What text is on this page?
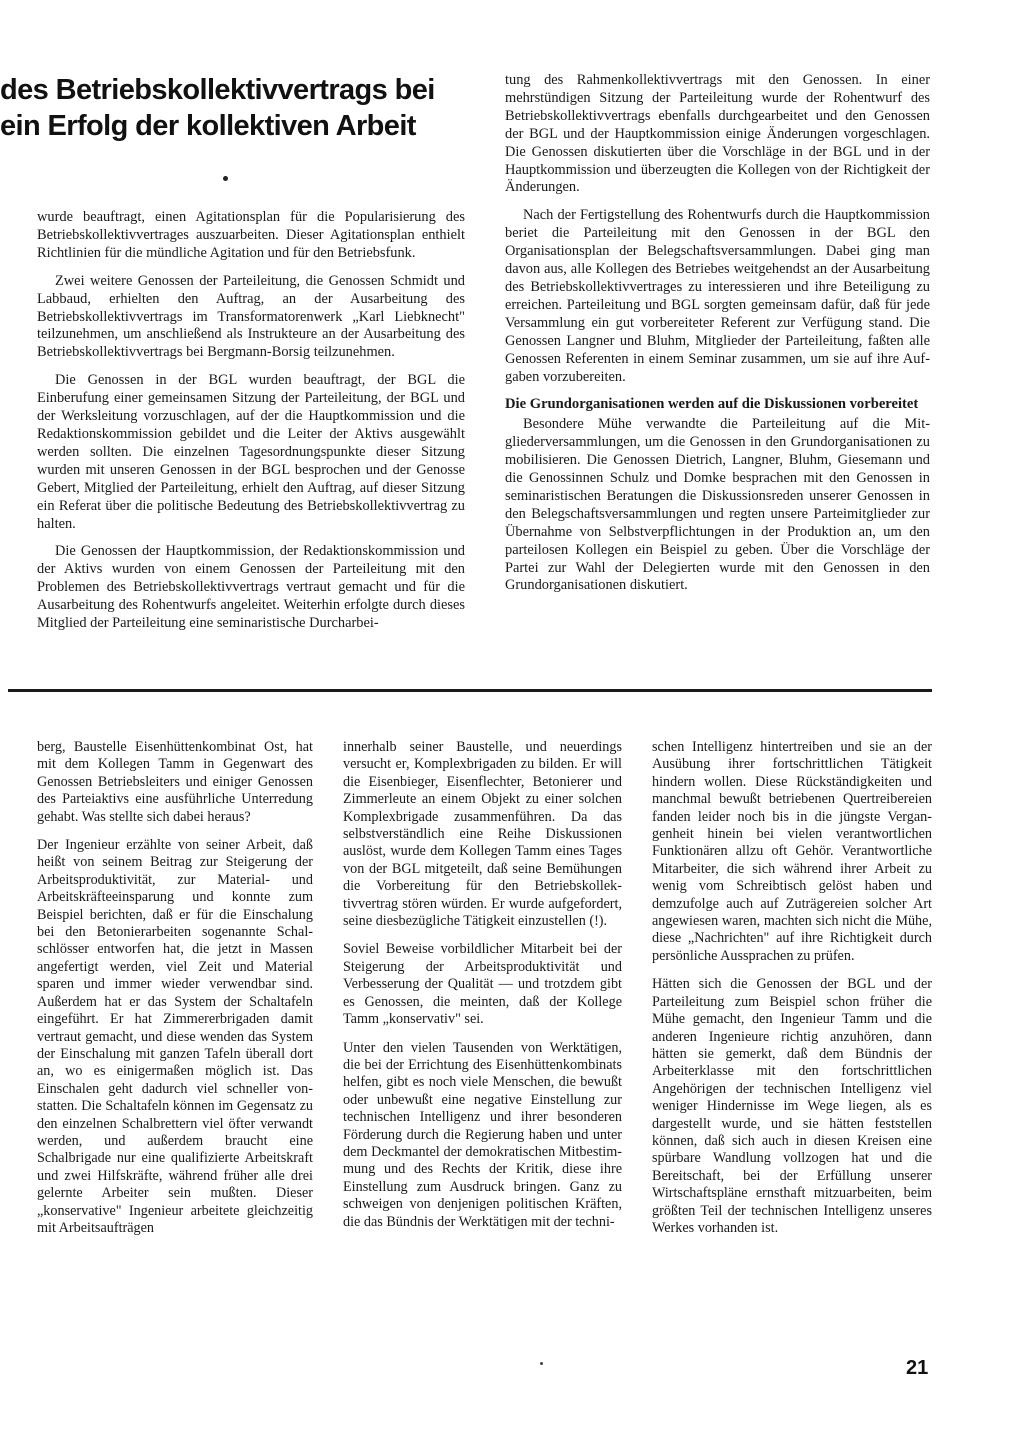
des Betriebskollektivvertrags bei
ein Erfolg der kollektiven Arbeit

wurde beauftragt, einen Agitationsplan für die Popularisierung des Betriebskollektivvertrages auszuarbeiten. Dieser Agitationsplan enthielt Richtlinien für die mündliche Agitation und für den Betriebsfunk.

Zwei weitere Genossen der Parteileitung, die Genossen Schmidt und Labbaud, erhielten den Auftrag, an der Ausarbeitung des Betriebskollektivvertrags im Transformatorenwerk „Karl Liebknecht" teilzunehmen, um anschließend als Instrukteure an der Ausarbeitung des Betriebskollektivvertrags bei Bergmann-Borsig teilzunehmen.

Die Genossen in der BGL wurden beauftragt, der BGL die Einberufung einer gemeinsamen Sitzung der Parteileitung, der BGL und der Werksleitung vorzuschlagen, auf der die Hauptkommission und die Redaktionskommission gebildet und die Leiter der Aktivs ausgewählt werden sollten. Die einzelnen Tagesordnungspunkte dieser Sitzung wurden mit unseren Genossen in der BGL besprochen und der Genosse Gebert, Mitglied der Parteileitung, erhielt den Auftrag, auf dieser Sitzung ein Referat über die politische Bedeutung des Betriebskollektivvertrag zu halten.

Die Genossen der Hauptkommission, der Redaktionskommission und der Aktivs wurden von einem Genossen der Parteileitung mit den Problemen des Betriebskollektivvertrags vertraut gemacht und für die Ausarbeitung des Rohentwurfs angeleitet. Weiterhin erfolgte durch dieses Mitglied der Parteileitung eine seminaristische Durcharbei-

tung des Rahmenkollektivvertrags mit den Genossen. In einer mehrstündigen Sitzung der Parteileitung wurde der Rohentwurf des Betriebskollektivvertrags ebenfalls durchgearbeitet und den Genossen der BGL und der Hauptkommission einige Änderungen vorgeschlagen. Die Genossen diskutierten über die Vorschläge in der BGL und in der Hauptkommission und überzeugten die Kollegen von der Richtigkeit der Änderungen.

Nach der Fertigstellung des Rohentwurfs durch die Hauptkommission beriet die Parteileitung mit den Genossen in der BGL den Organisationsplan der Belegschaftsversammlungen. Dabei ging man davon aus, alle Kollegen des Betriebes weitgehendst an der Ausarbeitung des Betriebskollektivvertrages zu interessieren und ihre Beteiligung zu erreichen. Parteileitung und BGL sorgten gemeinsam dafür, daß für jede Versammlung ein gut vorbereiteter Referent zur Verfügung stand. Die Genossen Langner und Bluhm, Mitglieder der Parteileitung, faßten alle Genossen Referenten in einem Seminar zusammen, um sie auf ihre Aufgaben vorzubereiten.

Die Grundorganisationen werden auf die Diskussionen vorbereitet

Besondere Mühe verwandte die Parteileitung auf die Mitgliederversammlungen, um die Genossen in den Grundorganisationen zu mobilisieren. Die Genossen Dietrich, Langner, Bluhm, Giesemann und die Genossinnen Schulz und Domke besprachen mit den Genossen in seminaristischen Beratungen die Diskussionsreden unserer Genossen in den Belegschaftsversammlungen und regten unsere Parteimitglieder zur Übernahme von Selbstverpflichtungen in der Produktion an, um den parteilosen Kollegen ein Beispiel zu geben. Über die Vorschläge der Partei zur Wahl der Delegierten wurde mit den Genossen in den Grundorganisationen diskutiert.

berg, Baustelle Eisenhüttenkombinat Ost, hat mit dem Kollegen Tamm in Gegenwart des Genossen Betriebsleiters und einiger Genossen des Parteiaktivs eine ausführliche Unterredung gehabt. Was stellte sich dabei heraus?

Der Ingenieur erzählte von seiner Arbeit, daß heißt von seinem Beitrag zur Steigerung der Arbeitsproduktivität, zur Material- und Arbeitskräfteeinsparung und konnte zum Beispiel berichten, daß er für die Einschalung bei den Betonierarbeiten sogenannte Schalschlösser entworfen hat, die jetzt in Massen angefertigt werden, viel Zeit und Material sparen und immer wieder verwendbar sind. Außerdem hat er das System der Schaltafeln eingeführt. Er hat Zimmererbrigaden damit vertraut gemacht, und diese wenden das System der Einschalung mit ganzen Tafeln überall dort an, wo es einigermaßen möglich ist. Das Einschalen geht dadurch viel schneller vonstatten. Die Schaltafeln können im Gegensatz zu den einzelnen Schalbrettern viel öfter verwandt werden, und außerdem braucht eine Schalbrigade nur eine qualifizierte Arbeitskraft und zwei Hilfskräfte, während früher alle drei gelernte Arbeiter sein mußten. Dieser „konservative" Ingenieur arbeitete gleichzeitig mit Arbeitsaufträgen

innerhalb seiner Baustelle, und neuerdings versucht er, Komplexbrigaden zu bilden. Er will die Eisenbieger, Eisenflechter, Betonierer und Zimmerleute an einem Objekt zu einer solchen Komplexbrigade zusammenführen. Da das selbstverständlich eine Reihe Diskussionen auslöst, wurde dem Kollegen Tamm eines Tages von der BGL mitgeteilt, daß seine Bemühungen die Vorbereitung für den Betriebskollektivvertrag stören würden. Er wurde aufgefordert, seine diesbezügliche Tätigkeit einzustellen (!).

Soviel Beweise vorbildlicher Mitarbeit bei der Steigerung der Arbeitsproduktivität und Verbesserung der Qualität — und trotzdem gibt es Genossen, die meinten, daß der Kollege Tamm „konservativ" sei.

Unter den vielen Tausenden von Werktätigen, die bei der Errichtung des Eisenhüttenkombinats helfen, gibt es noch viele Menschen, die bewußt oder unbewußt eine negative Einstellung zur technischen Intelligenz und ihrer besonderen Förderung durch die Regierung haben und unter dem Deckmantel der demokratischen Mitbestimmung und des Rechts der Kritik, diese ihre Einstellung zum Ausdruck bringen. Ganz zu schweigen von denjenigen politischen Kräften, die das Bündnis der Werktätigen mit der techni-

schen Intelligenz hintertreiben und sie an der Ausübung ihrer fortschrittlichen Tätigkeit hindern wollen. Diese Rückständigkeiten und manchmal bewußt betriebenen Quertreibereien fanden leider noch bis in die jüngste Vergangenheit hinein bei vielen verantwortlichen Funktionären allzu oft Gehör. Verantwortliche Mitarbeiter, die sich während ihrer Arbeit zu wenig vom Schreibtisch gelöst haben und demzufolge auch auf Zuträgereien solcher Art angewiesen waren, machten sich nicht die Mühe, diese „Nachrichten" auf ihre Richtigkeit durch persönliche Aussprachen zu prüfen.

Hätten sich die Genossen der BGL und der Parteileitung zum Beispiel schon früher die Mühe gemacht, den Ingenieur Tamm und die anderen Ingenieure richtig anzuhören, dann hätten sie gemerkt, daß dem Bündnis der Arbeiterklasse mit den fortschrittlichen Angehörigen der technischen Intelligenz viel weniger Hindernisse im Wege liegen, als es dargestellt wurde, und sie hätten feststellen können, daß sich auch in diesen Kreisen eine spürbare Wandlung vollzogen hat und die Bereitschaft, bei der Erfüllung unserer Wirtschaftspläne ernsthaft mitzuarbeiten, beim größten Teil der technischen Intelligenz unseres Werkes vorhanden ist.

21
